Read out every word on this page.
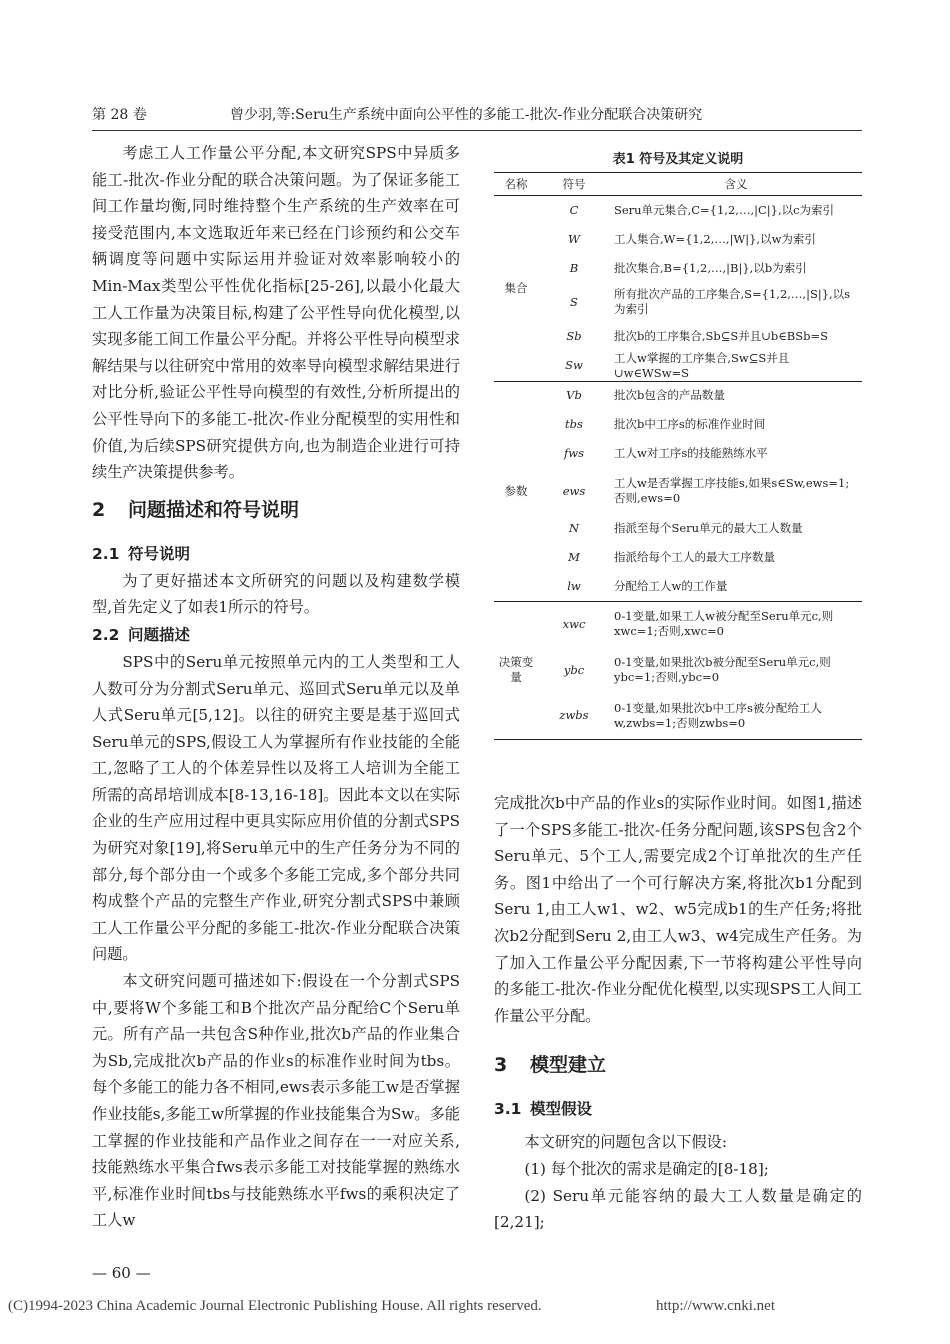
第 28 卷	曾少羽,等:Seru生产系统中面向公平性的多能工-批次-作业分配联合决策研究

考虑工人工作量公平分配,本文研究SPS中异质多能工-批次-作业分配的联合决策问题。为了保证多能工间工作量均衡,同时维持整个生产系统的生产效率在可接受范围内,本文选取近年来已经在门诊预约和公交车辆调度等问题中实际运用并验证对效率影响较小的Min-Max类型公平性优化指标[25-26],以最小化最大工人工作量为决策目标,构建了公平性导向优化模型,以实现多能工间工作量公平分配。并将公平性导向模型求解结果与以往研究中常用的效率导向模型求解结果进行对比分析,验证公平性导向模型的有效性,分析所提出的公平性导向下的多能工-批次-作业分配模型的实用性和价值,为后续SPS研究提供方向,也为制造企业进行可持续生产决策提供参考。

2 问题描述和符号说明
2.1 符号说明

为了更好描述本文所研究的问题以及构建数学模型,首先定义了如表1所示的符号。

2.2 问题描述

SPS中的Seru单元按照单元内的工人类型和工人人数可分为分割式Seru单元、巡回式Seru单元以及单人式Seru单元[5,12]。以往的研究主要是基于巡回式Seru单元的SPS,假设工人为掌握所有作业技能的全能工,忽略了工人的个体差异性以及将工人培训为全能工所需的高昂培训成本[8-13,16-18]。因此本文以在实际企业的生产应用过程中更具实际应用价值的分割式SPS为研究对象[19],将Seru单元中的生产任务分为不同的部分,每个部分由一个或多个多能工完成,多个部分共同构成整个产品的完整生产作业,研究分割式SPS中兼顾工人工作量公平分配的多能工-批次-作业分配联合决策问题。

本文研究问题可描述如下:假设在一个分割式SPS中,要将W个多能工和B个批次产品分配给C个Seru单元。所有产品一共包含S种作业,批次b产品的作业集合为Sb,完成批次b产品的作业s的标准作业时间为tbs。每个多能工的能力各不相同,ews表示多能工w是否掌握作业技能s,多能工w所掌握的作业技能集合为Sw。多能工掌握的作业技能和产品作业之间存在一一对应关系,技能熟练水平集合fws表示多能工对技能掌握的熟练水平,标准作业时间tbs与技能熟练水平fws的乘积决定了工人w

表1 符号及其定义说明
名称	符号	含义
集合	C	Seru单元集合,C={1,2,…,|C|},以c为索引
	W	工人集合,W={1,2,…,|W|},以w为索引
	B	批次集合,B={1,2,…,|B|},以b为索引
	S	所有批次产品的工序集合,S={1,2,…,|S|},以s为索引
	Sb	批次b的工序集合,Sb⊆S并且∪b∈BSb=S
	Sw	工人w掌握的工序集合,Sw⊆S并且∪w∈WSw=S
参数	Vb	批次b包含的产品数量
	tbs	批次b中工序s的标准作业时间
	fws	工人w对工序s的技能熟练水平
	ews	工人w是否掌握工序技能s,如果s∈Sw,ews=1;否则,ews=0
	N	指派至每个Seru单元的最大工人数量
	M	指派给每个工人的最大工序数量
	lw	分配给工人w的工作量
决策变量	xwc	0-1变量,如果工人w被分配至Seru单元c,则xwc=1;否则,xwc=0
	ybc	0-1变量,如果批次b被分配至Seru单元c,则ybc=1;否则,ybc=0
	zwbs	0-1变量,如果批次b中工序s被分配给工人w,zwbs=1;否则zwbs=0

完成批次b中产品的作业s的实际作业时间。如图1,描述了一个SPS多能工-批次-任务分配问题,该SPS包含2个Seru单元、5个工人,需要完成2个订单批次的生产任务。图1中给出了一个可行解决方案,将批次b1分配到Seru 1,由工人w1、w2、w5完成b1的生产任务;将批次b2分配到Seru 2,由工人w3、w4完成生产任务。为了加入工作量公平分配因素,下一节将构建公平性导向的多能工-批次-作业分配优化模型,以实现SPS工人间工作量公平分配。

3 模型建立
3.1 模型假设

本文研究的问题包含以下假设:

(1) 每个批次的需求是确定的[8-18];

(2) Seru单元能容纳的最大工人数量是确定的[2,21];

— 60 —
(C)1994-2023 China Academic Journal Electronic Publishing House. All rights reserved.	http://www.cnki.net
